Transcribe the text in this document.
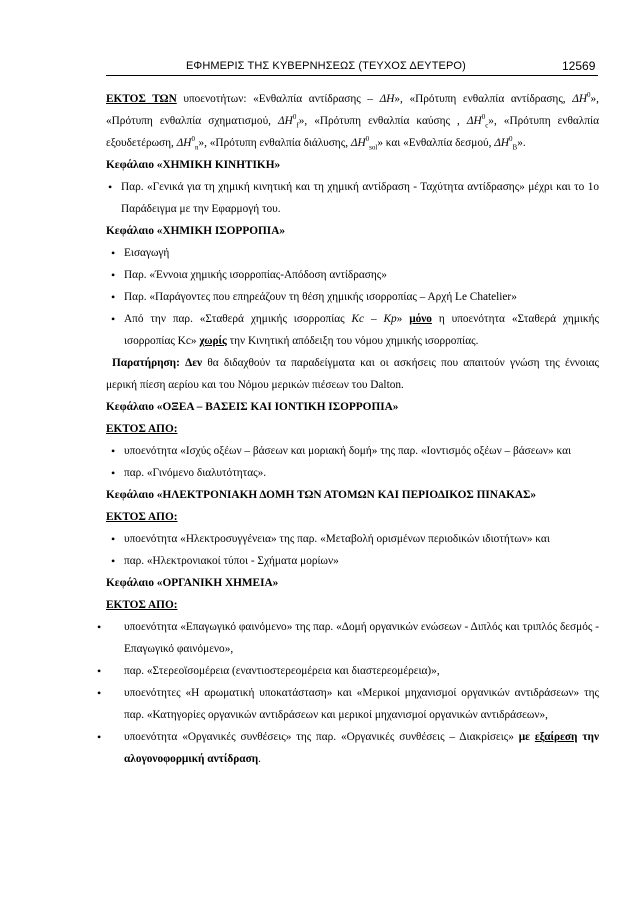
ΕΦΗΜΕΡΙΣ ΤΗΣ ΚΥΒΕΡΝΗΣΕΩΣ (ΤΕΥΧΟΣ ΔΕΥΤΕΡΟ)	12569

ΕΚΤΟΣ ΤΩΝ υποενοτήτων: «Ενθαλπία αντίδρασης – ΔΗ», «Πρότυπη ενθαλπία αντίδρασης, $\Delta H^0$», «Πρότυπη ενθαλπία σχηματισμού, $\Delta H^0_f$», «Πρότυπη ενθαλπία καύσης , $\Delta H^0_c$», «Πρότυπη ενθαλπία εξουδετέρωση, $\Delta H^0_n$», «Πρότυπη ενθαλπία διάλυσης, $\Delta H^0_{sol}$» και «Ενθαλπία δεσμού, $\Delta H^0_B$».

Κεφάλαιο «ΧΗΜΙΚΗ ΚΙΝΗΤΙΚΗ»

• Παρ. «Γενικά για τη χημική κινητική και τη χημική αντίδραση - Ταχύτητα αντίδρασης» μέχρι και το 1ο Παράδειγμα με την Εφαρμογή του.

Κεφάλαιο «ΧΗΜΙΚΗ ΙΣΟΡΡΟΠΙΑ»

• Εισαγωγή

• Παρ. «Έννοια χημικής ισορροπίας-Απόδοση αντίδρασης»

• Παρ. «Παράγοντες που επηρεάζουν τη θέση χημικής ισορροπίας – Αρχή Le Chatelier»

• Από την παρ. «Σταθερά χημικής ισορροπίας Kc – Kp» μόνο η υποενότητα «Σταθερά χημικής ισορροπίας Kc» χωρίς την Κινητική απόδειξη του νόμου χημικής ισορροπίας.

Παρατήρηση: Δεν θα διδαχθούν τα παραδείγματα και οι ασκήσεις που απαιτούν γνώση της έννοιας μερική πίεση αερίου και του Νόμου μερικών πιέσεων του Dalton.

Κεφάλαιο «ΟΞΕΑ – ΒΑΣΕΙΣ ΚΑΙ ΙΟΝΤΙΚΗ ΙΣΟΡΡΟΠΙΑ»

ΕΚΤΟΣ ΑΠΟ:

• υποενότητα «Ισχύς οξέων – βάσεων και μοριακή δομή» της παρ. «Ιοντισμός οξέων – βάσεων» και

• παρ. «Γινόμενο διαλυτότητας».

Κεφάλαιο «ΗΛΕΚΤΡΟΝΙΑΚΗ ΔΟΜΗ ΤΩΝ ΑΤΟΜΩΝ ΚΑΙ ΠΕΡΙΟΔΙΚΟΣ ΠΙΝΑΚΑΣ»

ΕΚΤΟΣ ΑΠΟ:

• υποενότητα «Ηλεκτροσυγγένεια» της παρ. «Μεταβολή ορισμένων περιοδικών ιδιοτήτων» και

• παρ. «Ηλεκτρονιακοί τύποι - Σχήματα μορίων»

Κεφάλαιο «ΟΡΓΑΝΙΚΗ ΧΗΜΕΙΑ»

ΕΚΤΟΣ ΑΠΟ:

• υποενότητα «Επαγωγικό φαινόμενο» της παρ. «Δομή οργανικών ενώσεων - Διπλός και τριπλός δεσμός - Επαγωγικό φαινόμενο»,

• παρ. «Στερεοϊσομέρεια (εναντιοστερεομέρεια και διαστερεομέρεια)»,

• υποενότητες «Η αρωματική υποκατάσταση» και «Μερικοί μηχανισμοί οργανικών αντιδράσεων» της παρ. «Κατηγορίες οργανικών αντιδράσεων και μερικοί μηχανισμοί οργανικών αντιδράσεων»,

• υποενότητα «Οργανικές συνθέσεις» της παρ. «Οργανικές συνθέσεις – Διακρίσεις» με εξαίρεση την αλογονοφορμική αντίδραση.
